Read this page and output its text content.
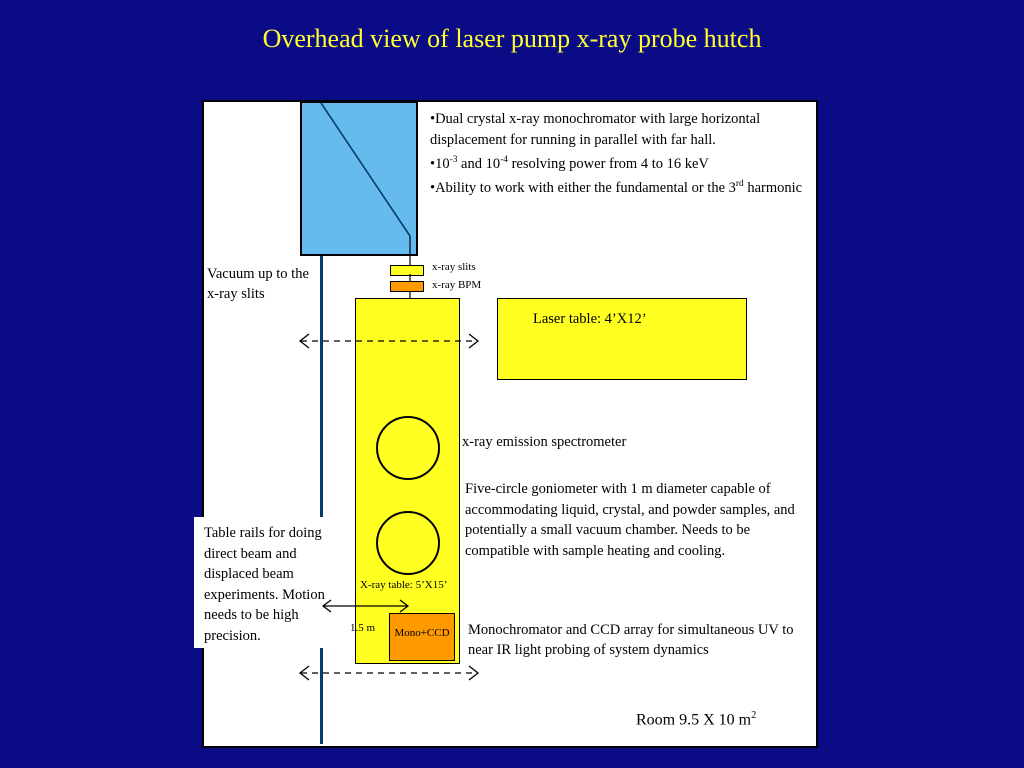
Overhead view of laser pump x-ray probe hutch
•Dual crystal x-ray monochromator with large horizontal
displacement for running in parallel with far hall.
$•10^{-3}$ and $10^{-4}$ resolving power from 4 to 16 keV
•Ability to work with either the fundamental or the 3rd harmonic
x-ray slits
x-ray BPM
Vacuum up to the x-ray slits
X-ray table: 5’X15’
Mono+CCD
Laser table: 4’X12’
x-ray emission spectrometer
Five-circle goniometer with 1 m diameter capable of accommodating liquid, crystal, and powder samples, and potentially a small vacuum chamber. Needs to be compatible with sample heating and cooling.
Monochromator and CCD array for simultaneous UV to near IR light probing of system dynamics
Table rails for doing direct beam and displaced beam experiments. Motion needs to be high precision.	1.5 m
Room 9.5 X 10 $m^2$
